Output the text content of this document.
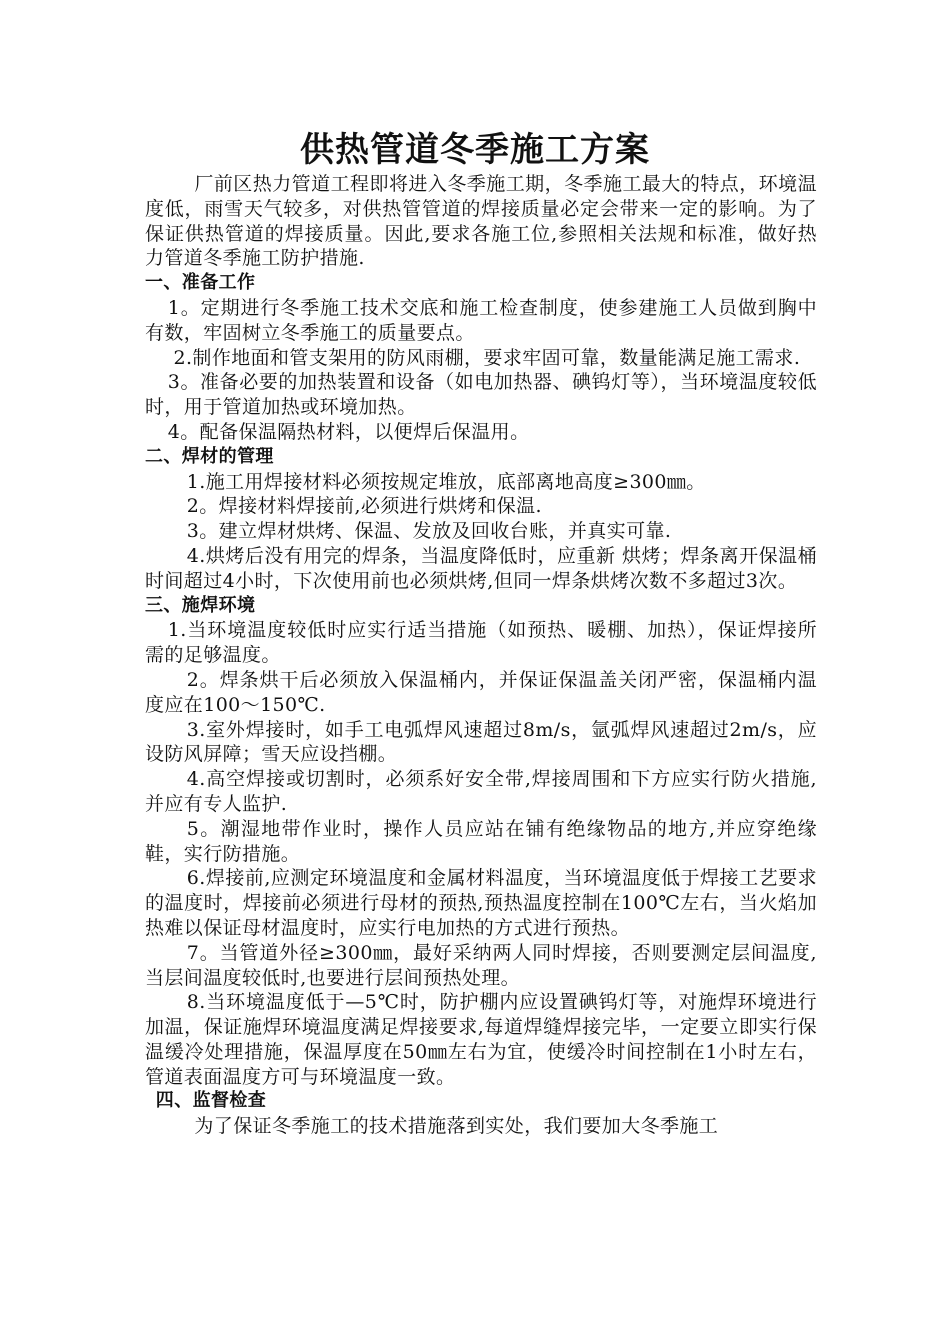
供热管道冬季施工方案

厂前区热力管道工程即将进入冬季施工期，冬季施工最大的特点，环境温度低，雨雪天气较多，对供热管管道的焊接质量必定会带来一定的影响。为了保证供热管道的焊接质量。因此,要求各施工位,参照相关法规和标准，做好热力管道冬季施工防护措施.

一、准备工作

1。定期进行冬季施工技术交底和施工检查制度，使参建施工人员做到胸中有数，牢固树立冬季施工的质量要点。

2.制作地面和管支架用的防风雨棚，要求牢固可靠，数量能满足施工需求.

3。准备必要的加热装置和设备（如电加热器、碘钨灯等），当环境温度较低时，用于管道加热或环境加热。

4。配备保温隔热材料，以便焊后保温用。

二、焊材的管理

1.施工用焊接材料必须按规定堆放，底部离地高度≥300㎜。

2。焊接材料焊接前,必须进行烘烤和保温.

3。建立焊材烘烤、保温、发放及回收台账，并真实可靠.

4.烘烤后没有用完的焊条，当温度降低时，应重新 烘烤；焊条离开保温桶时间超过4小时，下次使用前也必须烘烤,但同一焊条烘烤次数不多超过3次。

三、施焊环境

1.当环境温度较低时应实行适当措施（如预热、暖棚、加热），保证焊接所需的足够温度。

2。焊条烘干后必须放入保温桶内，并保证保温盖关闭严密，保温桶内温度应在100～150℃.

3.室外焊接时，如手工电弧焊风速超过8m/s，氩弧焊风速超过2m/s，应设防风屏障；雪天应设挡棚。

4.高空焊接或切割时，必须系好安全带,焊接周围和下方应实行防火措施,并应有专人监护.

5。潮湿地带作业时，操作人员应站在铺有绝缘物品的地方,并应穿绝缘鞋，实行防措施。

6.焊接前,应测定环境温度和金属材料温度，当环境温度低于焊接工艺要求的温度时，焊接前必须进行母材的预热,预热温度控制在100℃左右，当火焰加热难以保证母材温度时，应实行电加热的方式进行预热。

7。当管道外径≥300㎜，最好采纳两人同时焊接，否则要测定层间温度,当层间温度较低时,也要进行层间预热处理。

8.当环境温度低于—5℃时，防护棚内应设置碘钨灯等，对施焊环境进行加温，保证施焊环境温度满足焊接要求,每道焊缝焊接完毕，一定要立即实行保温缓冷处理措施，保温厚度在50㎜左右为宜，使缓冷时间控制在1小时左右，管道表面温度方可与环境温度一致。

四、监督检查

为了保证冬季施工的技术措施落到实处，我们要加大冬季施工
